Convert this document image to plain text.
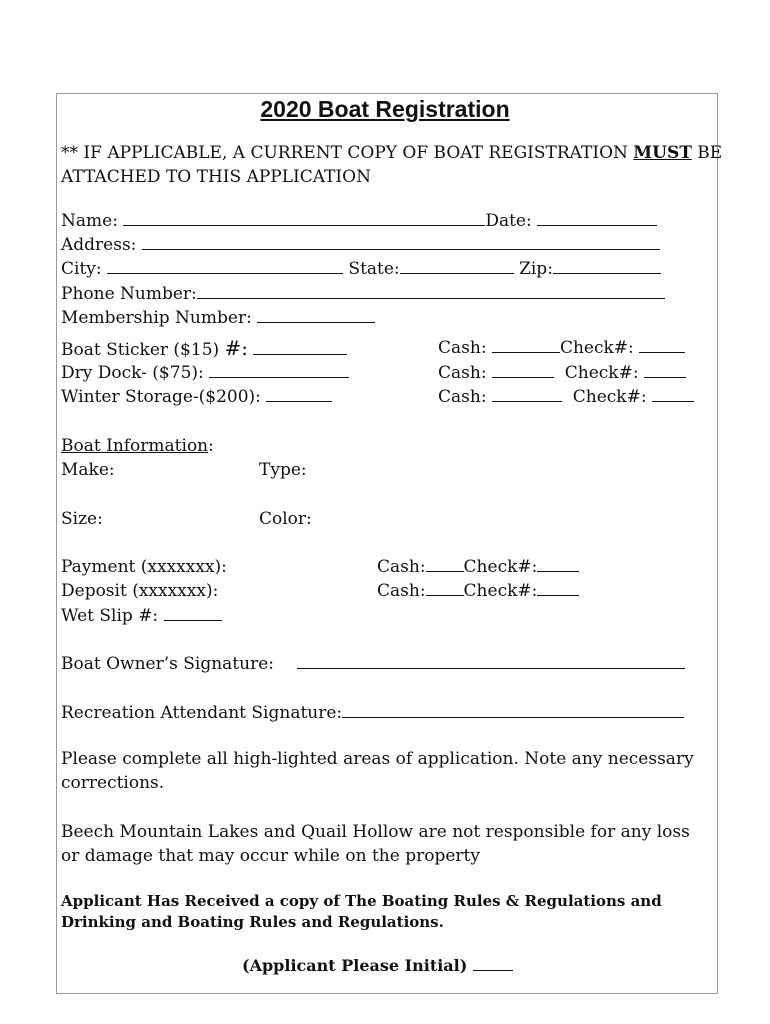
2020 Boat Registration
** IF APPLICABLE, A CURRENT COPY OF BOAT REGISTRATION MUST BE
ATTACHED TO THIS APPLICATION
Name:	Date:
Address:
City:	State:	Zip:
Phone Number:
Membership Number:
Boat Sticker ($15) #:	Cash:	Check#:
Dry Dock- ($75):	Cash:	Check#:
Winter Storage-($200):	Cash:	Check#:
Boat Information:
Make:	Type:
Size:	Color:
Payment (xxxxxxx):	Cash: Check#:
Deposit (xxxxxxx):	Cash: Check#:
Wet Slip #:
Boat Owner’s Signature:
Recreation Attendant Signature:
Please complete all high-lighted areas of application. Note any necessary corrections.
Beech Mountain Lakes and Quail Hollow are not responsible for any loss or damage that may occur while on the property
Applicant Has Received a copy of The Boating Rules & Regulations and Drinking and Boating Rules and Regulations.
(Applicant Please Initial)
